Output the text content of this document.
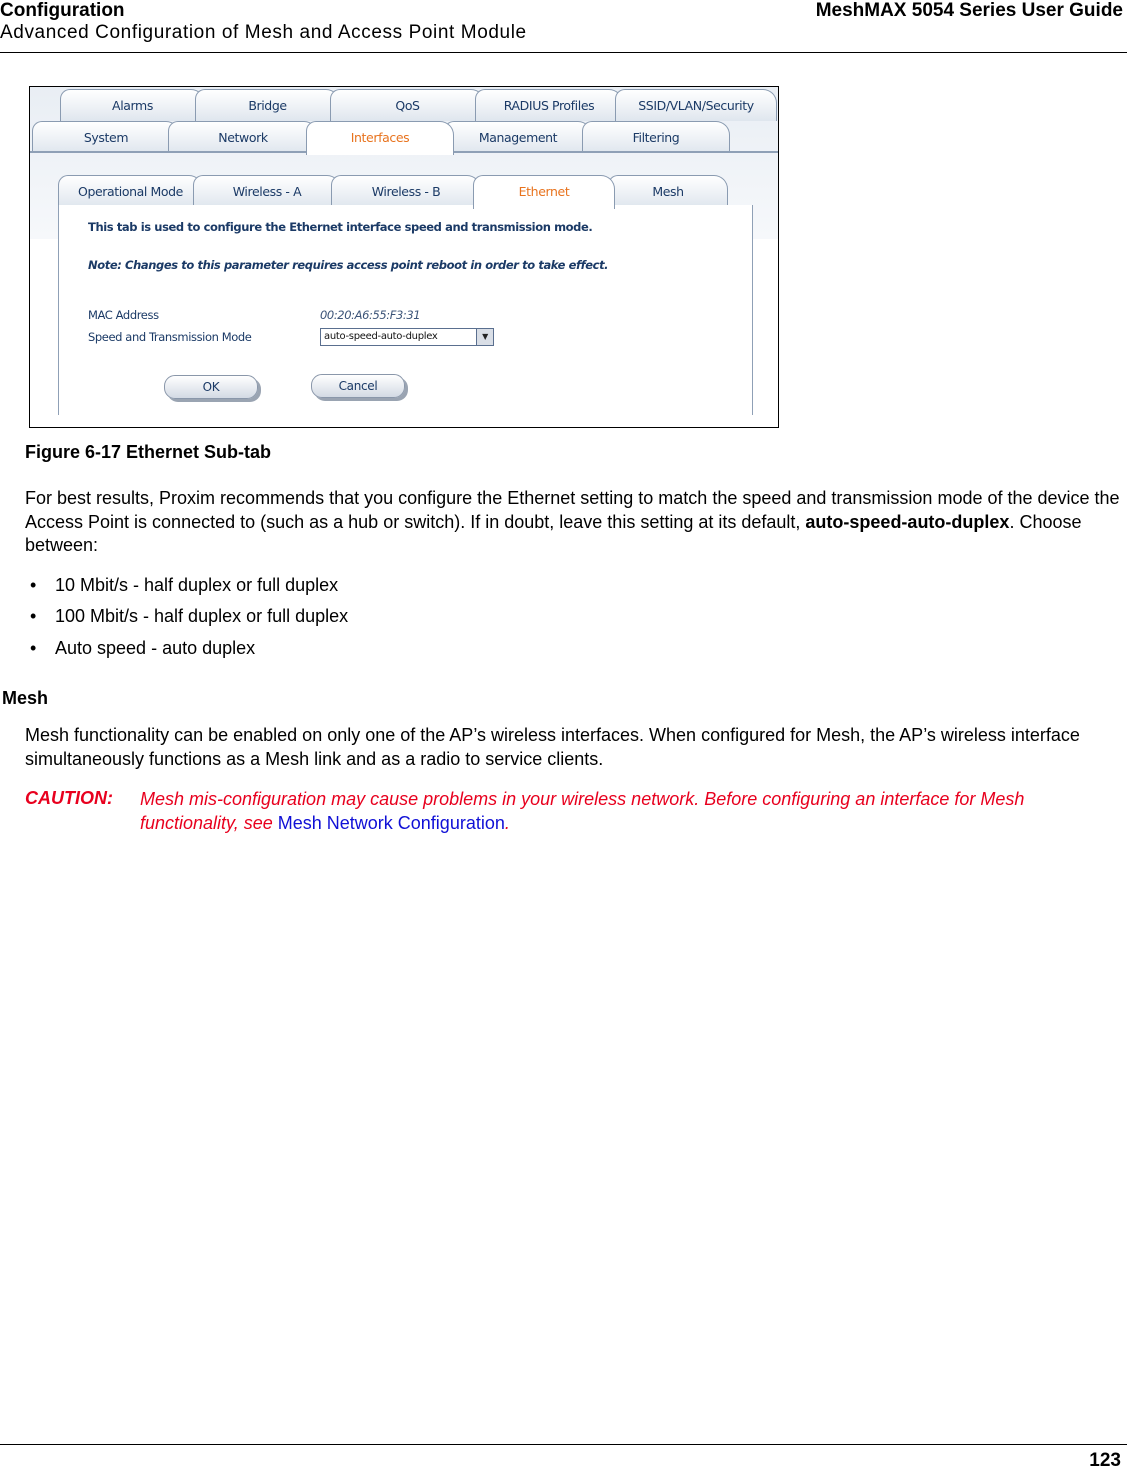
Configuration
Advanced Configuration of Mesh and Access Point Module
MeshMAX 5054 Series User Guide
Alarms	Bridge	QoS	RADIUS Profiles	SSID/VLAN/Security
System	Network	Interfaces	Management	Filtering
Operational Mode	Wireless - A	Wireless - B	Ethernet	Mesh
This tab is used to configure the Ethernet interface speed and transmission mode.
Note: Changes to this parameter requires access point reboot in order to take effect.
MAC Address	00:20:A6:55:F3:31
Speed and Transmission Mode	auto-speed-auto-duplex	▼
OK	Cancel
Figure 6-17 Ethernet Sub-tab
For best results, Proxim recommends that you configure the Ethernet setting to match the speed and transmission mode of the device the Access Point is connected to (such as a hub or switch). If in doubt, leave this setting at its default, auto-speed-auto-duplex. Choose between:
• 10 Mbit/s - half duplex or full duplex
• 100 Mbit/s - half duplex or full duplex
• Auto speed - auto duplex
Mesh
Mesh functionality can be enabled on only one of the AP’s wireless interfaces. When configured for Mesh, the AP’s wireless interface simultaneously functions as a Mesh link and as a radio to service clients.
CAUTION: Mesh mis-configuration may cause problems in your wireless network. Before configuring an interface for Mesh functionality, see Mesh Network Configuration.
123
